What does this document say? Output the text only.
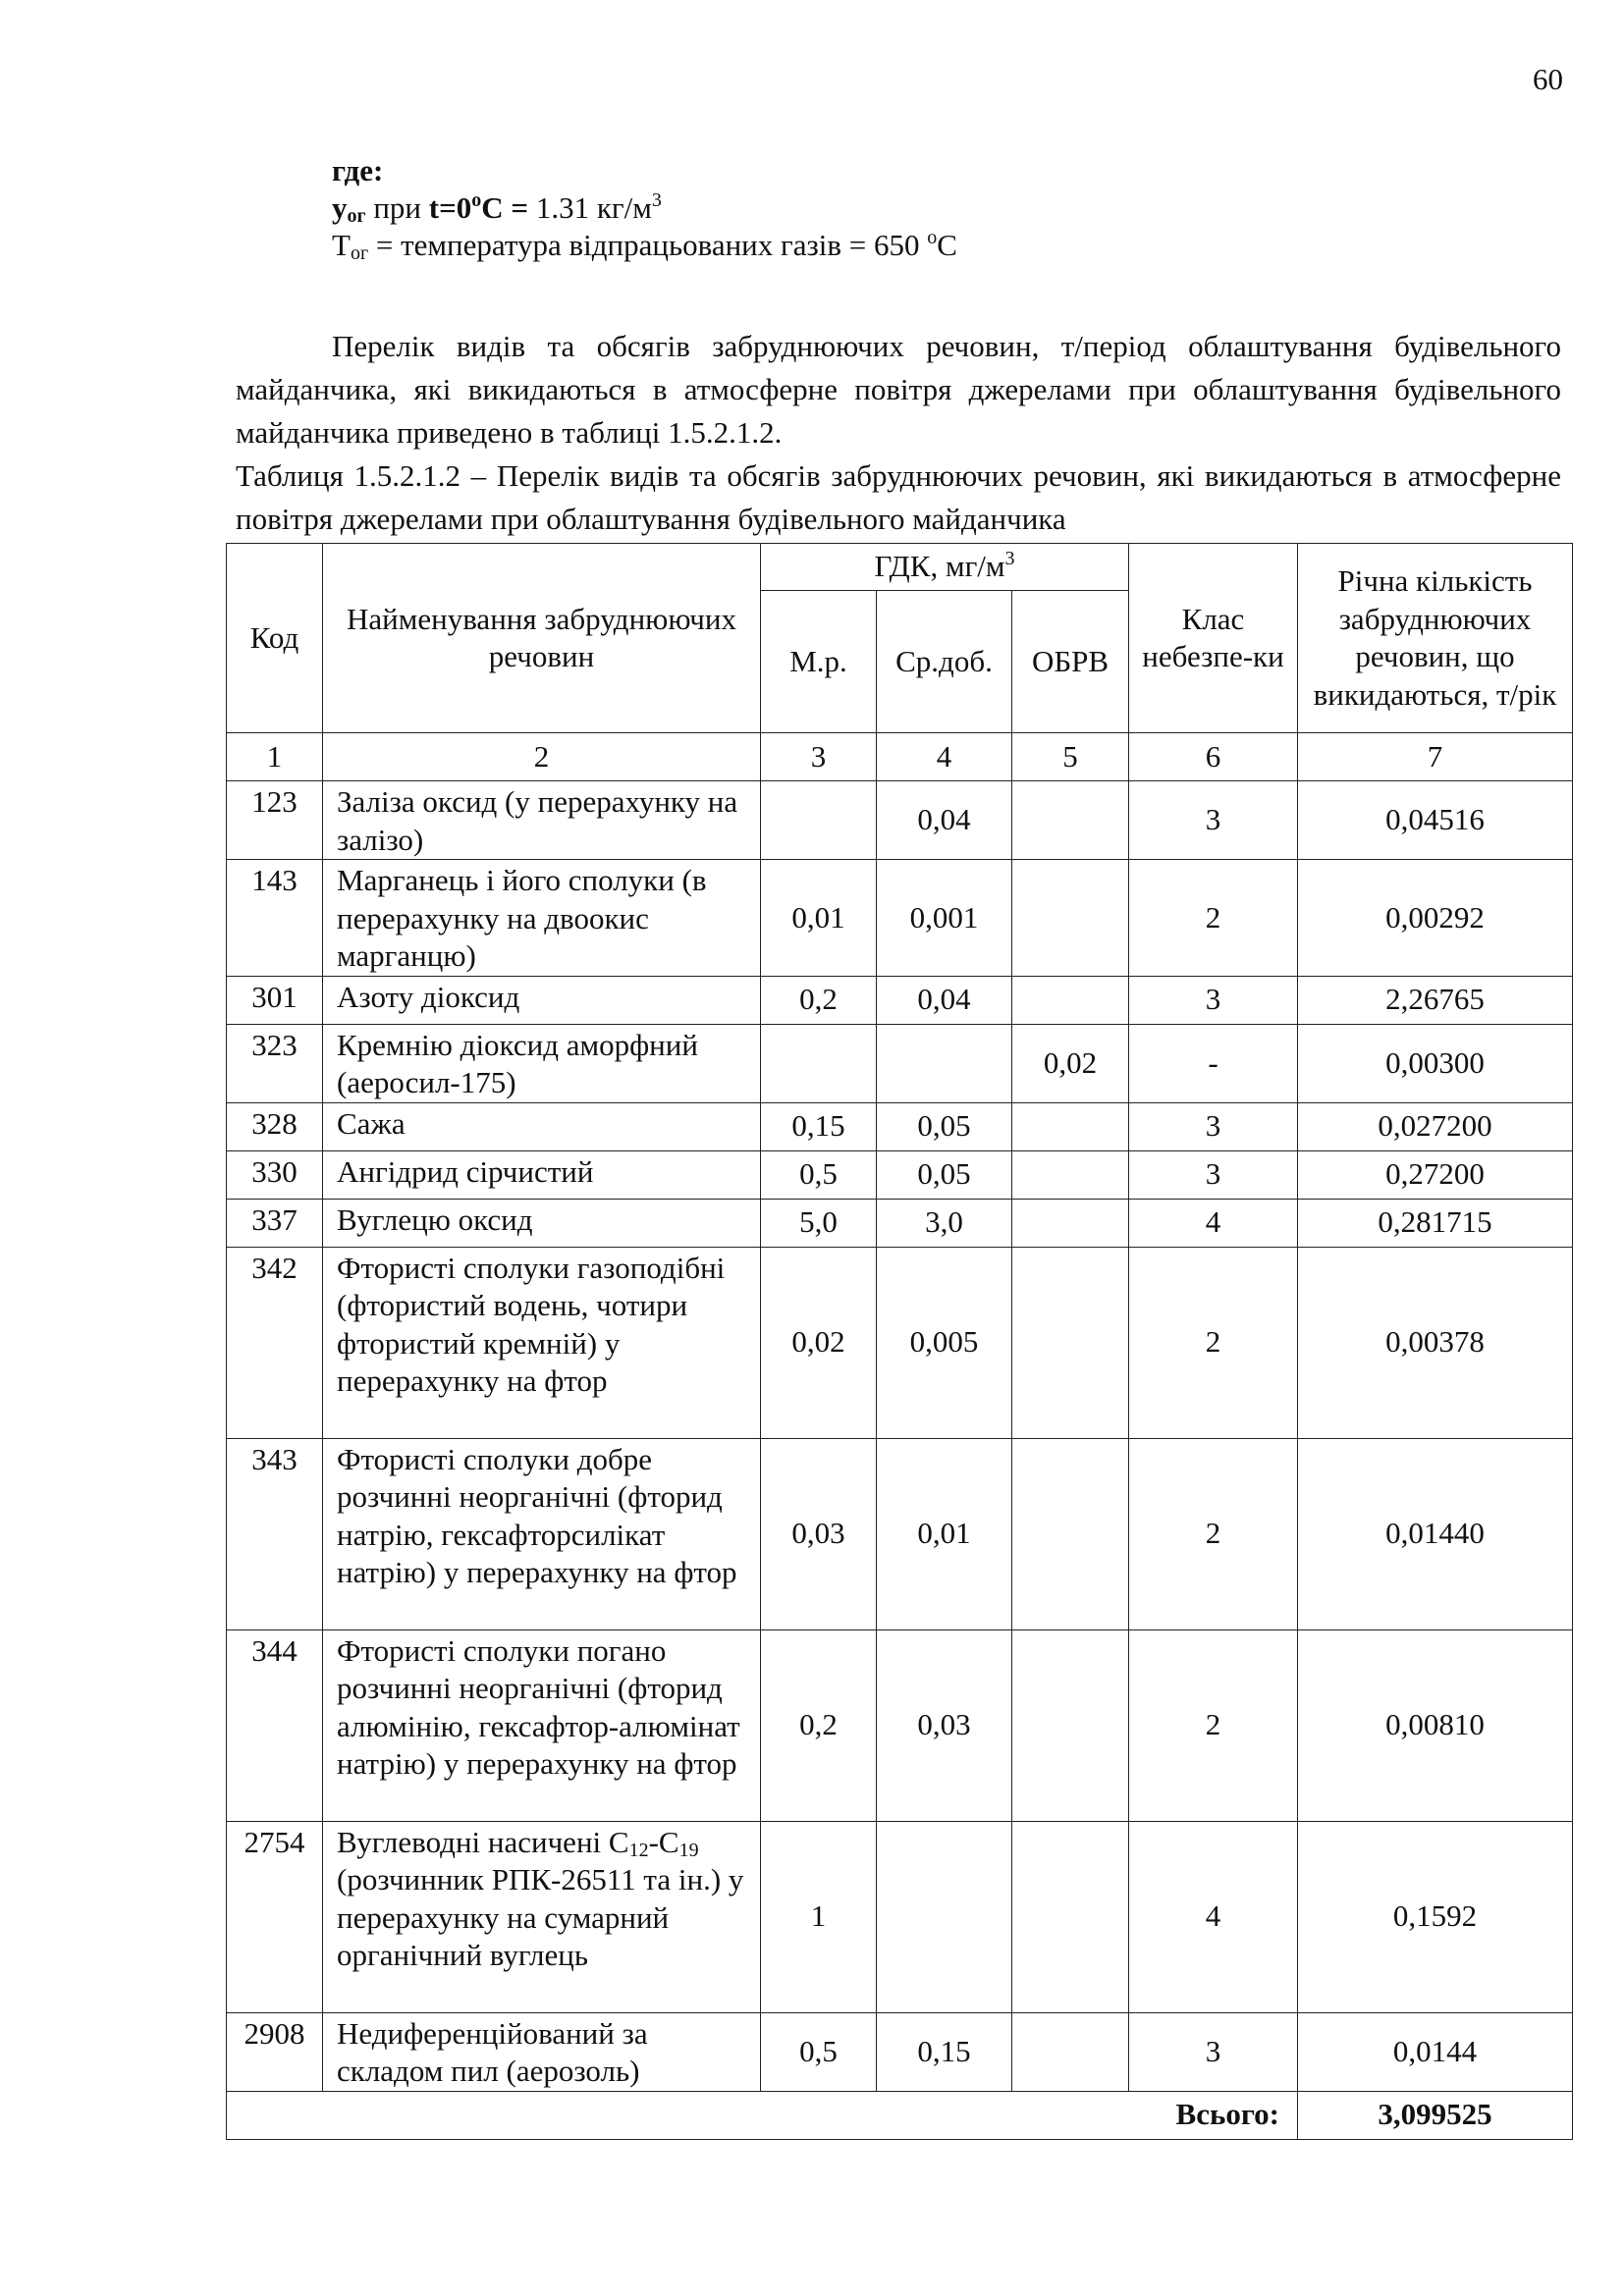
60
где:
$y_{ог}$ при $t=0^oC = 1.31$ $кг/м^3$
$T_{ог}$ = температура відпрацьованих газів = 650 $^o$C

Перелік видів та обсягів забруднюючих речовин, т/період облаштування будівельного майданчика, які викидаються в атмосферне повітря джерелами при облаштування будівельного майданчика приведено в таблиці 1.5.2.1.2.

Таблиця 1.5.2.1.2 – Перелік видів та обсягів забруднюючих речовин, які викидаються в атмосферне повітря джерелами при облаштування будівельного майданчика

Код	Найменування забруднюючих речовин	ГДК, $мг/м^3$			Клас небезпе-ки	Річна кількість забруднюючих речовин, що викидаються, т/рік
		М.р.	Ср.доб.	ОБРВ		
1	2	3	4	5	6	7
123	Заліза оксид (у перерахунку на залізо)		0,04		3	0,04516
143	Марганець і його сполуки (в перерахунку на двоокис марганцю)	0,01	0,001		2	0,00292
301	Азоту діоксид	0,2	0,04		3	2,26765
323	Кремнію діоксид аморфний (аеросил-175)			0,02	-	0,00300
328	Сажа	0,15	0,05		3	0,027200
330	Ангідрид сірчистий	0,5	0,05		3	0,27200
337	Вуглецю оксид	5,0	3,0		4	0,281715
342	Фтористі сполуки газоподібні (фтористий водень, чотири фтористий кремній) у перерахунку на фтор	0,02	0,005		2	0,00378
343	Фтористі сполуки добре розчинні неорганічні (фторид натрію, гексафторсилікат натрію) у перерахунку на фтор	0,03	0,01		2	0,01440
344	Фтористі сполуки погано розчинні неорганічні (фторид алюмінію, гексафтор-алюмінат натрію) у перерахунку на фтор	0,2	0,03		2	0,00810
2754	Вуглеводні насичені $С_{12}-С_{19}$ (розчинник РПК-26511 та ін.) у перерахунку на сумарний органічний вуглець	1			4	0,1592
2908	Недиференційований за складом пил (аерозоль)	0,5	0,15		3	0,0144
Всього:						3,099525
